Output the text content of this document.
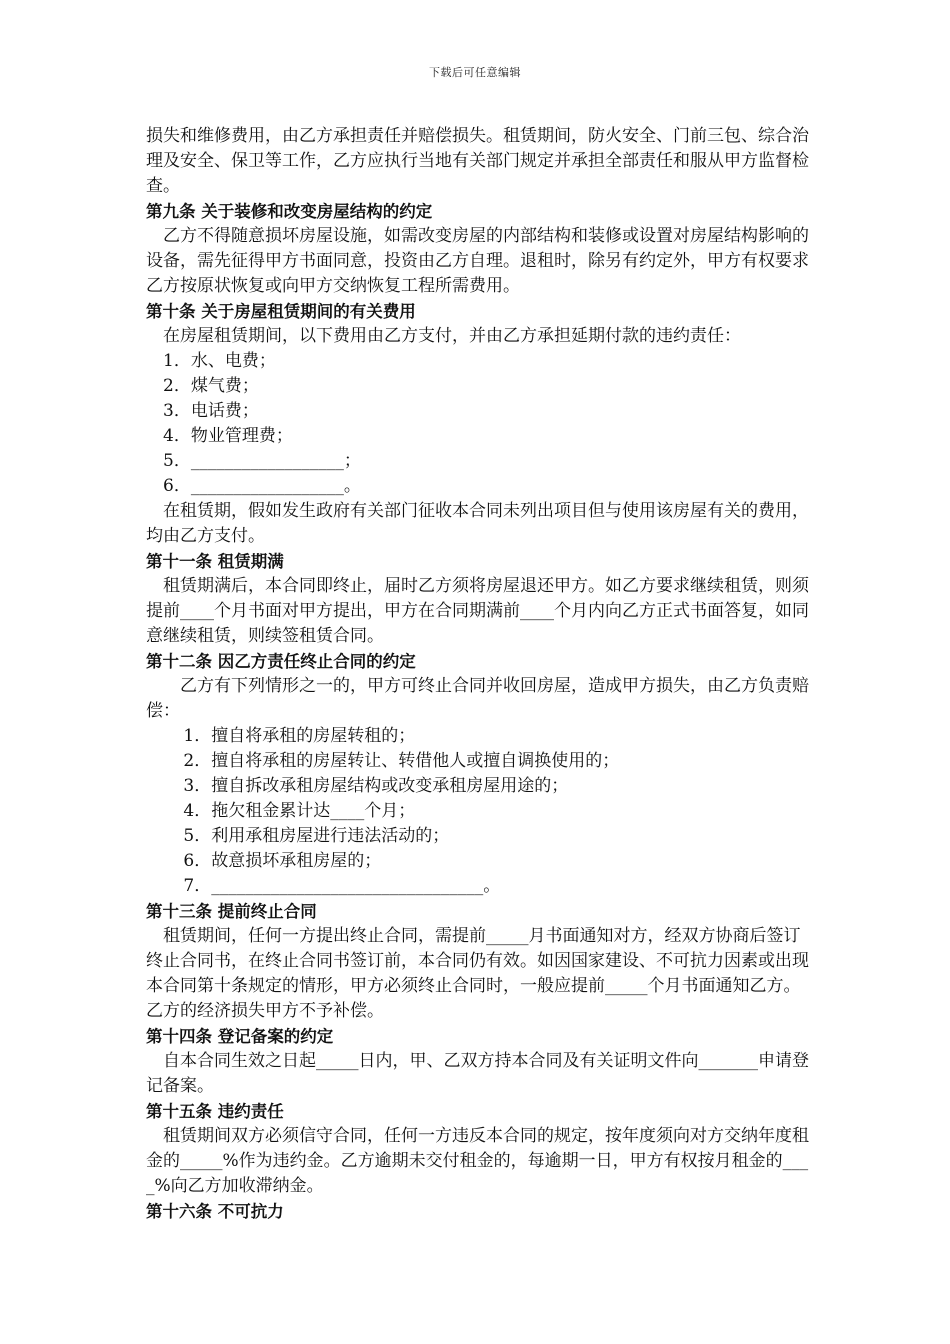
下载后可任意编辑

损失和维修费用，由乙方承担责任并赔偿损失。租赁期间，防火安全、门前三包、综合治理及安全、保卫等工作，乙方应执行当地有关部门规定并承担全部责任和服从甲方监督检查。

第九条 关于装修和改变房屋结构的约定

乙方不得随意损坏房屋设施，如需改变房屋的内部结构和装修或设置对房屋结构影响的设备，需先征得甲方书面同意，投资由乙方自理。退租时，除另有约定外，甲方有权要求乙方按原状恢复或向甲方交纳恢复工程所需费用。

第十条 关于房屋租赁期间的有关费用

在房屋租赁期间，以下费用由乙方支付，并由乙方承担延期付款的违约责任：

1．水、电费；

2．煤气费；

3．电话费；

4．物业管理费；

5．__________________；

6．__________________。

在租赁期，假如发生政府有关部门征收本合同未列出项目但与使用该房屋有关的费用，均由乙方支付。

第十一条 租赁期满

租赁期满后，本合同即终止，届时乙方须将房屋退还甲方。如乙方要求继续租赁，则须提前____个月书面对甲方提出，甲方在合同期满前____个月内向乙方正式书面答复，如同意继续租赁，则续签租赁合同。

第十二条 因乙方责任终止合同的约定

乙方有下列情形之一的，甲方可终止合同并收回房屋，造成甲方损失，由乙方负责赔偿：

1．擅自将承租的房屋转租的；

2．擅自将承租的房屋转让、转借他人或擅自调换使用的；

3．擅自拆改承租房屋结构或改变承租房屋用途的；

4．拖欠租金累计达____个月；

5．利用承租房屋进行违法活动的；

6．故意损坏承租房屋的；

7．________________________________。

第十三条 提前终止合同

租赁期间，任何一方提出终止合同，需提前_____月书面通知对方，经双方协商后签订终止合同书，在终止合同书签订前，本合同仍有效。如因国家建设、不可抗力因素或出现本合同第十条规定的情形，甲方必须终止合同时，一般应提前_____个月书面通知乙方。乙方的经济损失甲方不予补偿。

第十四条 登记备案的约定

自本合同生效之日起_____日内，甲、乙双方持本合同及有关证明文件向_______申请登记备案。

第十五条 违约责任

租赁期间双方必须信守合同，任何一方违反本合同的规定，按年度须向对方交纳年度租金的_____%作为违约金。乙方逾期未交付租金的，每逾期一日，甲方有权按月租金的____%向乙方加收滞纳金。

第十六条 不可抗力
